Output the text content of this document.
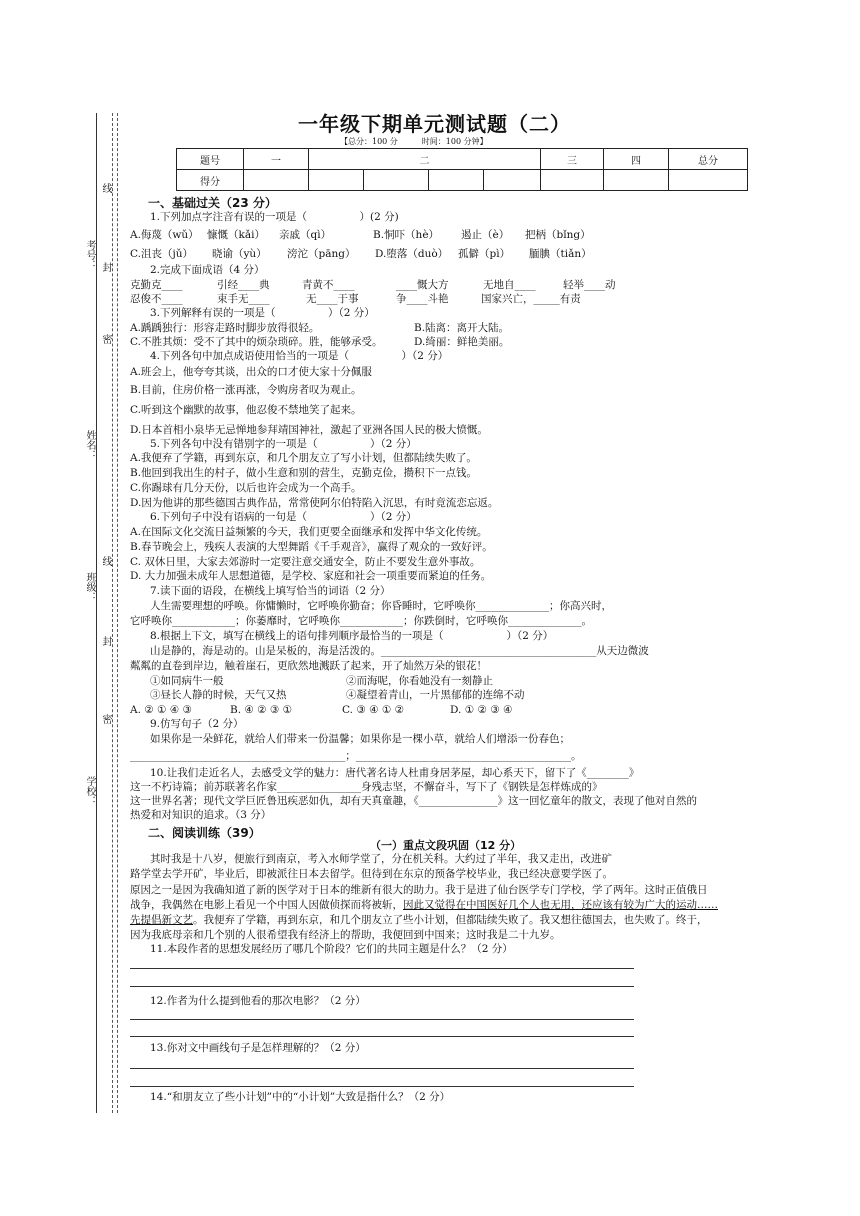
线
考号： 封
密
姓名：
班级：
线
封
密
学校：
一年级下期单元测试题（二）
【总分：100 分　　　时间：100 分钟】
题号	一	二				三	四	总分
得分								
一、基础过关（23 分）
1.下列加点字注音有误的一项是（　　　　　）(2 分)
A.侮蔑（wǔ） 慷慨（kǎi） 亲戚（qì）	B.恫吓（hè） 遏止（è） 把柄（bǐng）
C.沮丧（jǔ） 晓谕（yù） 滂沱（pāng） D.堕落（duò） 孤僻（pì） 腼腆（tiǎn）
2.完成下面成语（4 分）
克勤克____	引经____典	青黄不____	____慨大方	无地自____	轻举____动
忍俊不____	束手无____	无____于事	争____斗艳	国家兴亡，_____有责
3.下列解释有误的一项是（　　　　　）（2 分）
A.踽踽独行：形容走路时脚步放得很轻。	B.陆离：离开大陆。
C.不胜其烦：受不了其中的烦杂琐碎。胜，能够承受。	D.绮丽：鲜艳美丽。
4.下列各句中加点成语使用恰当的一项是（　　　　　）（2 分）
A.班会上，他夸夸其谈，出众的口才使大家十分佩服
B.目前，住房价格一涨再涨，令购房者叹为观止。
C.听到这个幽默的故事，他忍俊不禁地笑了起来。
D.日本首相小泉毕无忌惮地参拜靖国神社，激起了亚洲各国人民的极大愤慨。
5.下列各句中没有错别字的一项是（　　　　　）（2 分）
A.我便弃了学籍，再到东京，和几个朋友立了写小计划，但都陆续失败了。
B.他回到我出生的村子，做小生意和别的营生，克勤克俭，攒积下一点钱。
C.你踢球有几分天份，以后也许会成为一个高手。
D.因为他讲的那些德国古典作品，常常使阿尔伯特陷入沉思，有时竟流恋忘返。
6.下列句子中没有语病的一句是（　　　　　　）（2 分）
A.在国际文化交流日益频繁的今天，我们更要全面继承和发挥中华文化传统。
B.春节晚会上，残疾人表演的大型舞蹈《千手观音》，赢得了观众的一致好评。
C. 双休日里，大家去郊游时一定要注意交通安全，防止不要发生意外事故。
D. 大力加强未成年人思想道德，是学校、家庭和社会一项重要而紧迫的任务。
7.读下面的语段，在横线上填写恰当的词语（2 分）
人生需要理想的呼唤。你慵懒时，它呼唤你勤奋；你昏睡时，它呼唤你______________；你高兴时，
它呼唤你____________；你萎靡时，它呼唤你____________；你跌倒时，它呼唤你______________。
8.根据上下文，填写在横线上的语句排列顺序最恰当的一项是（　　　　　　）（2 分）
山是静的，海是动的。山是呆板的，海是活泼的。_________________________________________从天边微波
粼粼的直卷到岸边，触着崖石，更欣然地溅跃了起来，开了灿然万朵的银花！
①如同病牛一般	②而海呢，你看她没有一刻静止
③昼长人静的时候，天气又热	④凝望着青山，一片黑郁郁的连绵不动
A. ② ① ④ ③	B. ④ ② ③ ①	C. ③ ④ ① ②	D. ① ② ③ ④
9.仿写句子（2 分）
如果你是一朵鲜花，就给人们带来一份温馨；如果你是一棵小草，就给人们增添一份春色；
_________________________________________；_________________________________________。
10.让我们走近名人，去感受文学的魅力：唐代著名诗人杜甫身居茅屋，却心系天下，留下了《________》
这一不朽诗篇；前苏联著名作家________________身残志坚，不懈奋斗，写下了《钢铁是怎样炼成的》
这一世界名著；现代文学巨匠鲁迅疾恶如仇，却有天真童趣，《_______________》这一回忆童年的散文，表现了他对自然的
热爱和对知识的追求。（3 分）
二、阅读训练（39）
（一）重点文段巩固（12 分）
其时我是十八岁，便旅行到南京，考入水师学堂了，分在机关科。大约过了半年，我又走出，改进矿
路学堂去学开矿，毕业后，即被派往日本去留学。但待到在东京的预备学校毕业，我已经决意要学医了。
原因之一是因为我确知道了新的医学对于日本的维新有很大的助力。我于是进了仙台医学专门学校，学了两年。这时正值俄日
战争，我偶然在电影上看见一个中国人因做侦探而将被斩，因此又觉得在中国医好几个人也无用，还应该有较为广大的运动……
先提倡新文艺。我便弃了学籍，再到东京，和几个朋友立了些小计划，但都陆续失败了。我又想往德国去，也失败了。终于，
因为我底母亲和几个别的人很希望我有经济上的帮助，我便回到中国来；这时我是二十九岁。
11.本段作者的思想发展经历了哪几个阶段？它们的共同主题是什么？（2 分）
12.作者为什么提到他看的那次电影？（2 分）
13.你对文中画线句子是怎样理解的？（2 分）
14.“和朋友立了些小计划”中的“小计划”大致是指什么？（2 分）
